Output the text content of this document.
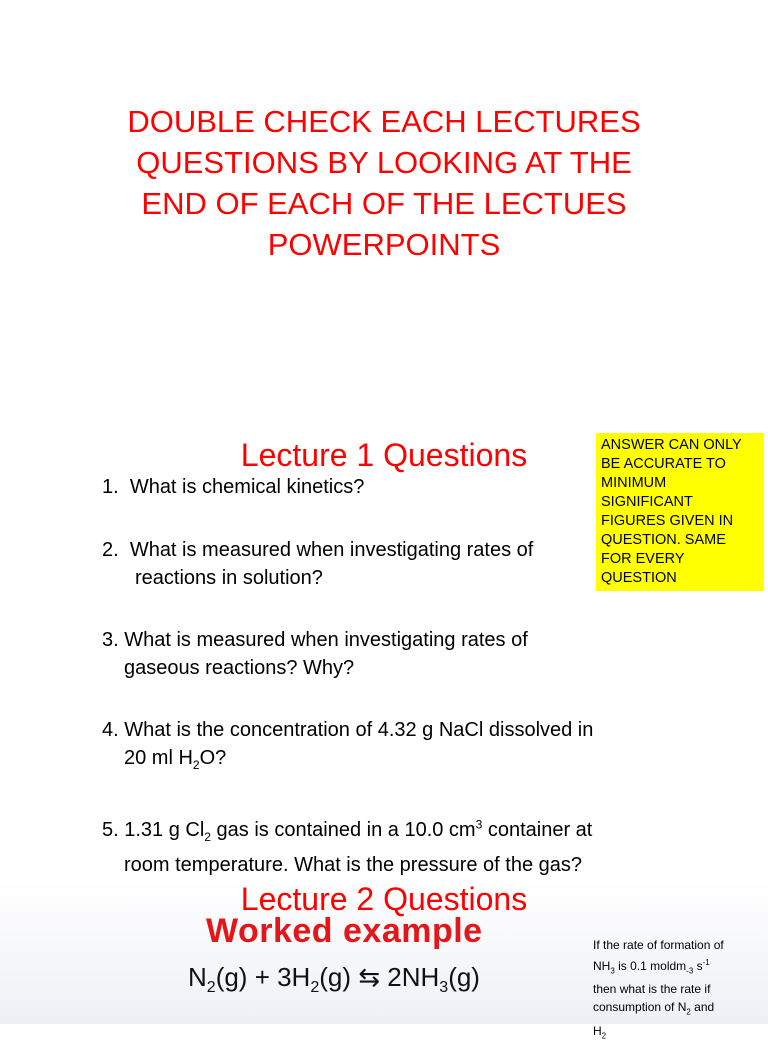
DOUBLE CHECK EACH LECTURES
QUESTIONS BY LOOKING AT THE
END OF EACH OF THE LECTUES
POWERPOINTS
Lecture 1 Questions	ANSWER CAN ONLY BE ACCURATE TO MINIMUM SIGNIFICANT FIGURES GIVEN IN QUESTION. SAME FOR EVERY QUESTION
1. What is chemical kinetics?
2. What is measured when investigating rates of
reactions in solution?
3. What is measured when investigating rates of
gaseous reactions? Why?
4. What is the concentration of 4.32 g NaCl dissolved in
20 ml $H_2O$?
5. 1.31 g $Cl_2$ gas is contained in a 10.0 $cm^3$ container at
room temperature. What is the pressure of the gas?
Lecture 2 Questions
Worked example
$N_2(g) + 3H_2(g)$ ⇆ $2NH_3(g)$
If the rate of formation of
$NH_3$ is 0.1 moldm$_{-3}$ $s^{-1}$
then what is the rate if
consumption of $N_2$ and
$H_2$
